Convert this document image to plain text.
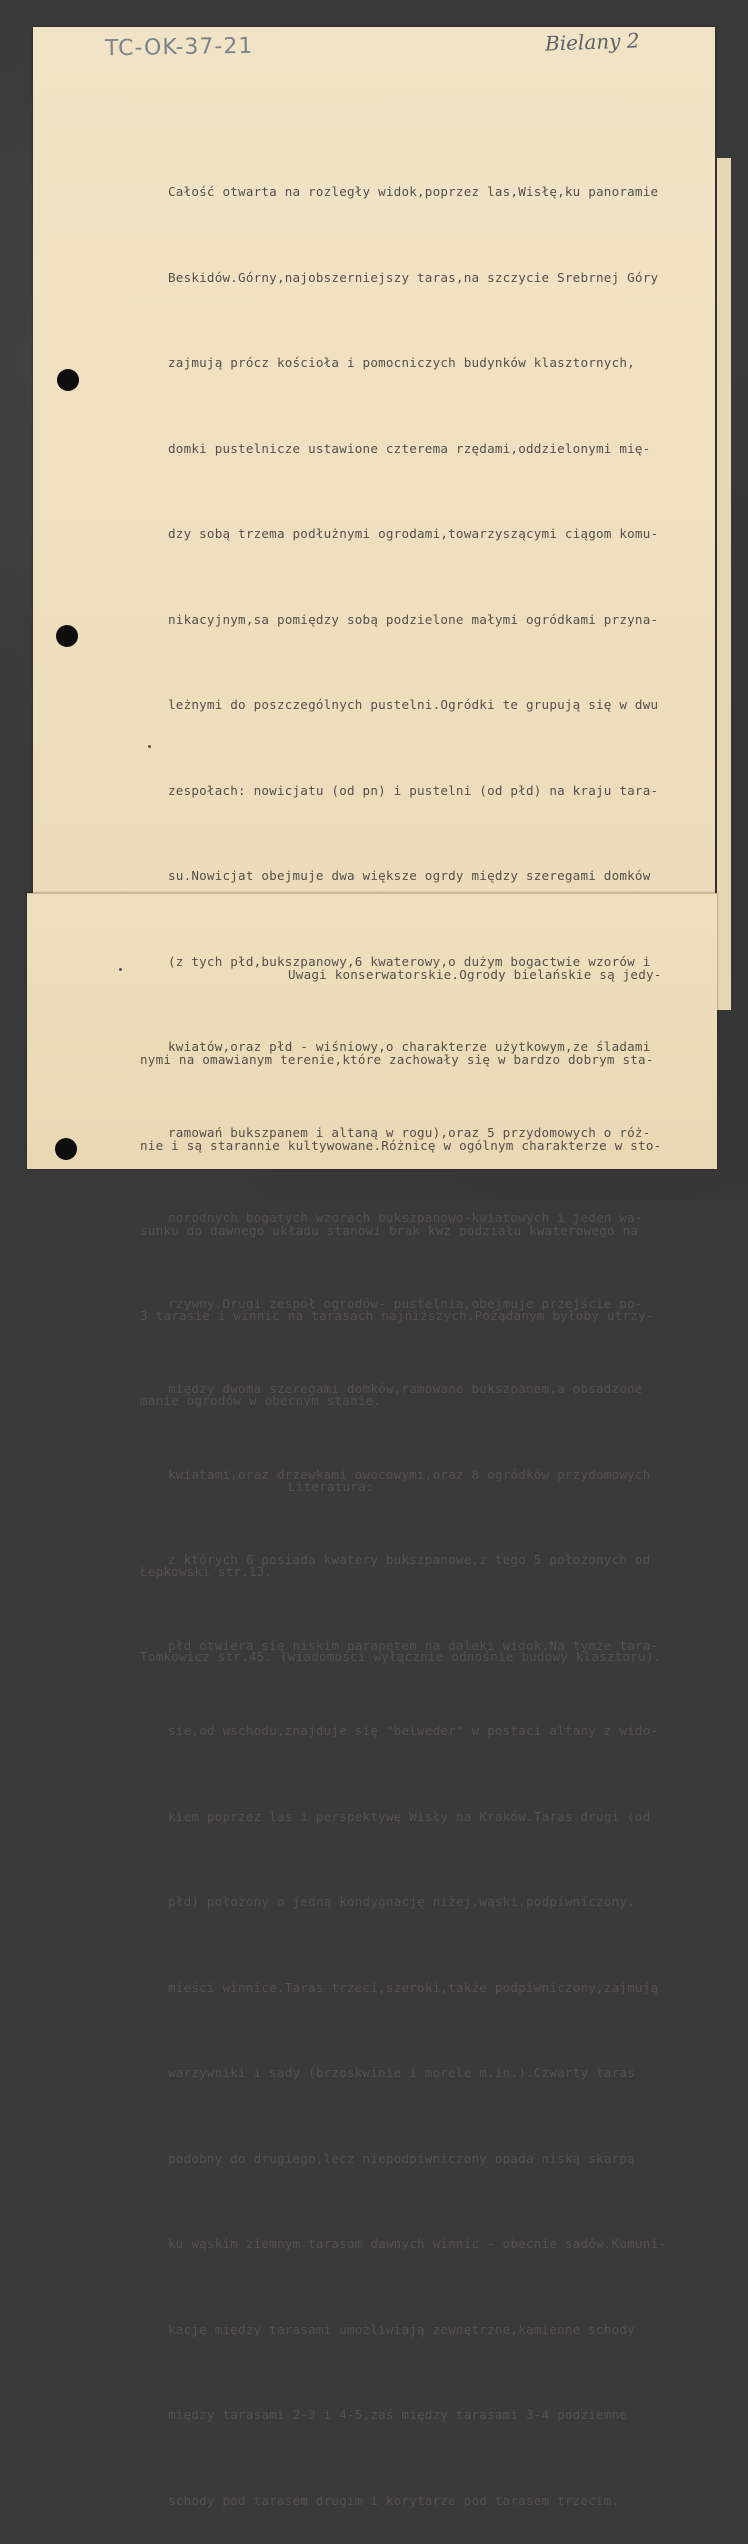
TC-OK-37-21	Bielany 2

Całość otwarta na rozległy widok,poprzez las,Wisłę,ku panoramie

Beskidów.Górny,najobszerniejszy taras,na szczycie Srebrnej Góry

zajmują prócz kościoła i pomocniczych budynków klasztornych,

domki pustelnicze ustawione czterema rzędami,oddzielonymi mię-

dzy sobą trzema podłużnymi ogrodami,towarzyszącymi ciągom komu-

nikacyjnym,sa pomiędzy sobą podzielone małymi ogródkami przyna-

leżnymi do poszczególnych pustelni.Ogródki te grupują się w dwu

zespołach: nowicjatu (od pn) i pustelni (od płd) na kraju tara-

su.Nowicjat obejmuje dwa większe ogrdy między szeregami domków

(z tych płd,bukszpanowy,6 kwaterowy,o dużym bogactwie wzorów i

kwiatów,oraz płd - wiśniowy,o charakterze użytkowym,ze śladami

ramowań bukszpanem i altaną w rogu),oraz 5 przydomowych o róż-

norodnych bogatych wzorach bukszpanowo-kwiatowych i jeden wa-

rzywny.Drugi zespół ogrodów- pustelnia,obejmuje przejście po-

między dwoma szeregami domków,ramowane bukszpanem,a obsadzone

kwiatami,oraz drzewkami owocowymi,oraz 8 ogródków przydomowych

z których 6 posiada kwatery bukszpanowe,z tego 5 położonych od

płd otwiera się niskim parapetem na daleki widok.Na tymże tara-

sie,od wschodu,znajduje się "belweder" w postaci altany z wido-

kiem poprzez las i perspektywę Wisły na Kraków.Taras drugi (od

płd) położony o jedną kondygnację niżej,wąski,podpiwniczony,

mieści winnice.Taras trzeci,szeroki,także podpiwniczony,zajmują

warzywniki i sady (brzoskwinie i morele m.in.).Czwarty taras

podobny do drugiego,lecz niepodpiwniczony opada niską skarpą

ku wąskim ziemnym tarasom dawnych winnic - obecnie sadów.Komuni-

kację między tarasami umożliwiają zewnętrzne,kamienne schody

między tarasami 2-3 i 4-5,zaś między tarasami 3-4 podziemne

schody pod tarasem drugim i korytarze pod tarasem trzecim.

Uwagi konserwatorskie.Ogrody bielańskie są jedy-

nymi na omawianym terenie,które zachowały się w bardzo dobrym sta-

nie i są starannie kultywowane.Różnicę w ogólnym charakterze w sto-

sunku do dawnego układu stanowi brak kwz podziału kwaterowego na

3 tarasie i winnic na tarasach najniższych.Pożądanym byłoby utrzy-

manie ogrodów w obecnym stanie.

Literatura:

Łepkowski str.13.

Tomkowicz str.45. (wiadomości wyłącznie odnośnie budowy klasztoru).
